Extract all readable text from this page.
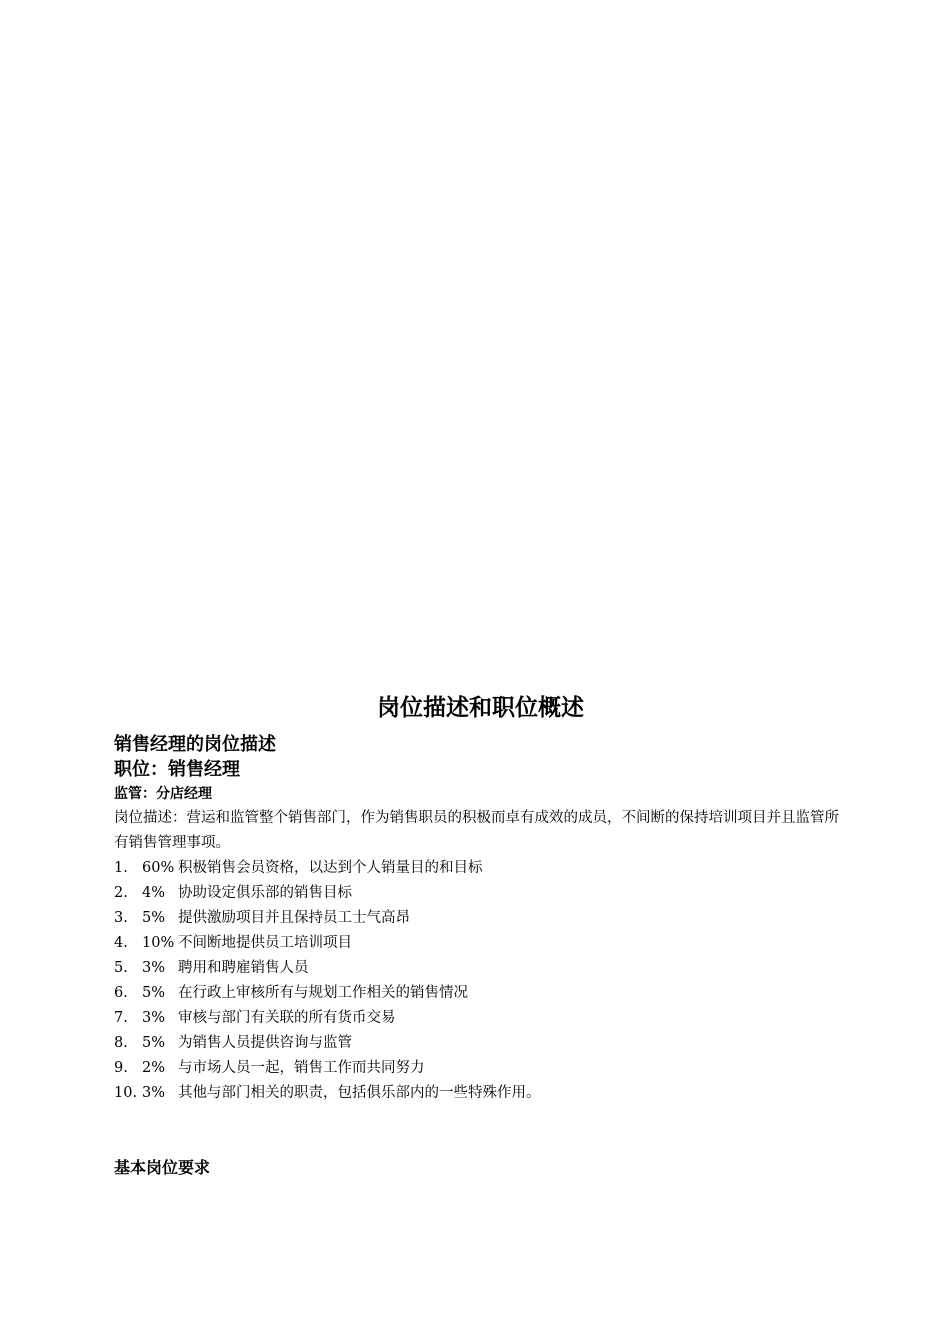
岗位描述和职位概述
销售经理的岗位描述
职位：销售经理
监管：分店经理

岗位描述：营运和监管整个销售部门，作为销售职员的积极而卓有成效的成员，不间断的保持培训项目并且监管所有销售管理事项。

1. 60% 积极销售会员资格，以达到个人销量目的和目标
2. 4% 协助设定俱乐部的销售目标
3. 5% 提供激励项目并且保持员工士气高昂
4. 10% 不间断地提供员工培训项目
5. 3% 聘用和聘雇销售人员
6. 5% 在行政上审核所有与规划工作相关的销售情况
7. 3% 审核与部门有关联的所有货币交易
8. 5% 为销售人员提供咨询与监管
9. 2% 与市场人员一起，销售工作而共同努力
10. 3% 其他与部门相关的职责，包括俱乐部内的一些特殊作用。
基本岗位要求
